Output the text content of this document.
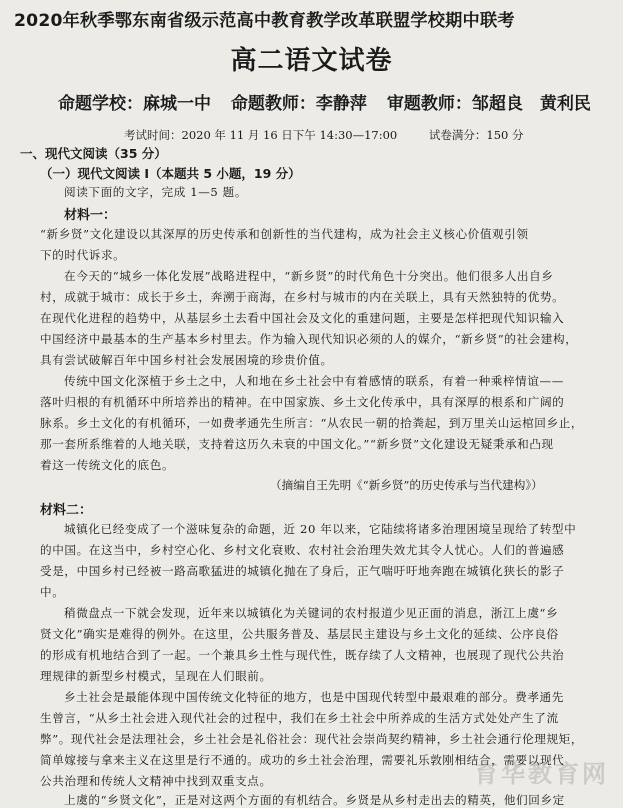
2020年秋季鄂东南省级示范高中教育教学改革联盟学校期中联考
高二语文试卷
命题学校：麻城一中 命题教师：李静萍 审题教师：邹超良　黄利民
考试时间：2020 年 11 月 16 日下午 14:30—17:00	试卷满分：150 分
一、现代文阅读（35 分）
（一）现代文阅读 I（本题共 5 小题，19 分）
阅读下面的文字，完成 1—5 题。
材料一：
“新乡贤”文化建设以其深厚的历史传承和创新性的当代建构，成为社会主义核心价值观引领
下的时代诉求。
在今天的“城乡一体化发展”战略进程中，“新乡贤”的时代角色十分突出。他们很多人出自乡
村，成就于城市：成长于乡土，奔溯于商海，在乡村与城市的内在关联上，具有天然独特的优势。
在现代化进程的趋势中，从基层乡土去看中国社会及文化的重建问题，主要是怎样把现代知识输入
中国经济中最基本的生产基本乡村里去。作为输入现代知识必须的人的媒介，“新乡贤”的社会建构，
具有尝试破解百年中国乡村社会发展困境的珍贵价值。
传统中国文化深植于乡土之中，人和地在乡土社会中有着感情的联系，有着一种乘梓情谊——
落叶归根的有机循环中所培养出的精神。在中国家族、乡土文化传承中，具有深厚的根系和广阔的
脉系。乡土文化的有机循环，一如费孝通先生所言：“从农民一朝的拾粪起，到万里关山运棺回乡止，
那一套所系维着的人地关联，支持着这历久未衰的中国文化。”“新乡贤”文化建设无疑秉承和凸现
着这一传统文化的底色。
（摘编自王先明《“新乡贤”的历史传承与当代建构》）
材料二：
城镇化已经变成了一个滋味复杂的命题，近 20 年以来，它陆续将诸多治理困境呈现给了转型中
的中国。在这当中，乡村空心化、乡村文化衰败、农村社会治理失效尤其令人忧心。人们的普遍感
受是，中国乡村已经被一路高歌猛进的城镇化抛在了身后，正气喘吁吁地奔跑在城镇化狭长的影子
中。
稍微盘点一下就会发现，近年来以城镇化为关键词的农村报道少见正面的消息，浙江上虞“乡
贤文化”确实是难得的例外。在这里，公共服务普及、基层民主建设与乡土文化的延续、公序良俗
的形成有机地结合到了一起。一个兼具乡土性与现代性，既存续了人文精神，也展现了现代公共治
理规律的新型乡村模式，呈现在人们眼前。
乡土社会是最能体现中国传统文化特征的地方，也是中国现代转型中最艰难的部分。费孝通先
生曾言，“从乡土社会进入现代社会的过程中，我们在乡土社会中所养成的生活方式处处产生了流
弊”。现代社会是法理社会，乡土社会是礼俗社会：现代社会崇尚契约精神，乡土社会通行伦理规矩，
简单嫁接与拿来主义在这里是行不通的。成功的乡土社会治理，需要礼乐敦刚相结合，需要以现代
公共治理和传统人文精神中找到双重支点。
上虞的“乡贤文化”，正是对这两个方面的有机结合。乡贤是从乡村走出去的精英，他们回乡定
育华教育网
